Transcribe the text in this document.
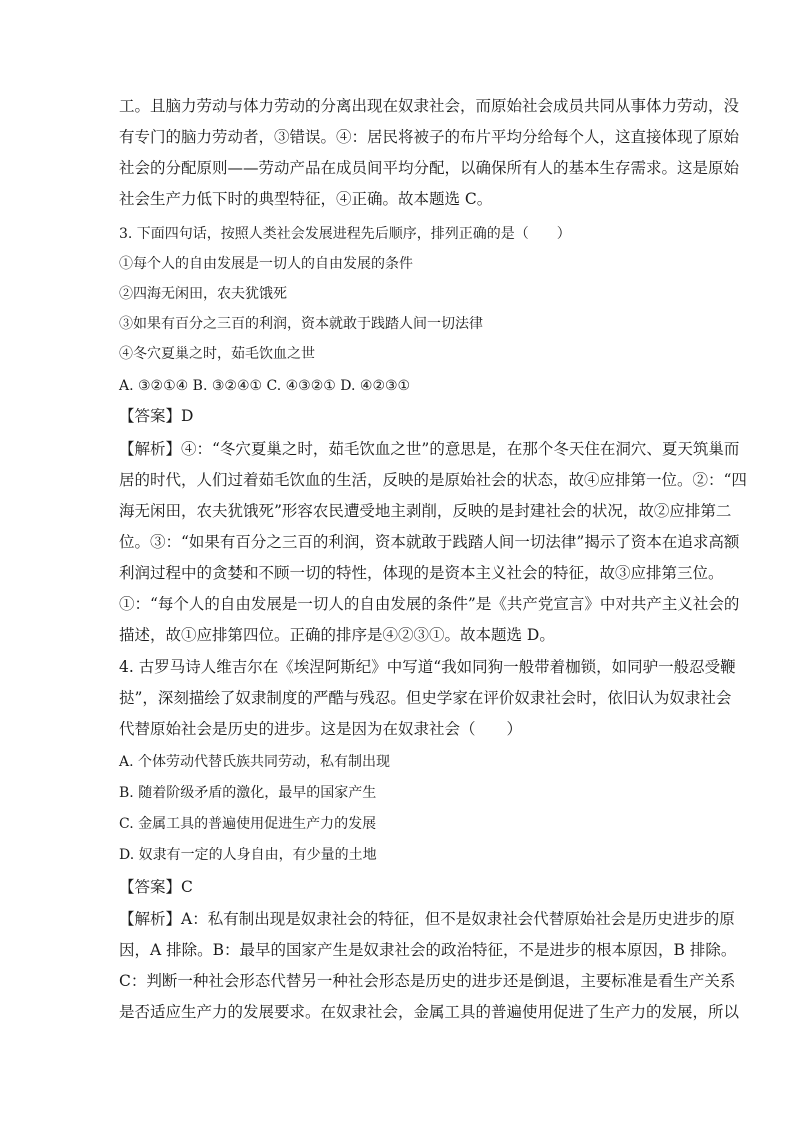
工。且脑力劳动与体力劳动的分离出现在奴隶社会，而原始社会成员共同从事体力劳动，没
有专门的脑力劳动者，③错误。④：居民将被子的布片平均分给每个人，这直接体现了原始
社会的分配原则——劳动产品在成员间平均分配，以确保所有人的基本生存需求。这是原始
社会生产力低下时的典型特征，④正确。故本题选 C。
3. 下面四句话，按照人类社会发展进程先后顺序，排列正确的是（　　）
①每个人的自由发展是一切人的自由发展的条件
②四海无闲田，农夫犹饿死
③如果有百分之三百的利润，资本就敢于践踏人间一切法律
④冬穴夏巢之时，茹毛饮血之世
A. ③②①④ B. ③②④① C. ④③②① D. ④②③①
【答案】D
【解析】④：“冬穴夏巢之时，茹毛饮血之世”的意思是，在那个冬天住在洞穴、夏天筑巢而
居的时代，人们过着茹毛饮血的生活，反映的是原始社会的状态，故④应排第一位。②：“四
海无闲田，农夫犹饿死”形容农民遭受地主剥削，反映的是封建社会的状况，故②应排第二
位。③：“如果有百分之三百的利润，资本就敢于践踏人间一切法律”揭示了资本在追求高额
利润过程中的贪婪和不顾一切的特性，体现的是资本主义社会的特征，故③应排第三位。
①：“每个人的自由发展是一切人的自由发展的条件”是《共产党宣言》中对共产主义社会的
描述，故①应排第四位。正确的排序是④②③①。故本题选 D。
4. 古罗马诗人维吉尔在《埃涅阿斯纪》中写道“我如同狗一般带着枷锁，如同驴一般忍受鞭
挞”，深刻描绘了奴隶制度的严酷与残忍。但史学家在评价奴隶社会时，依旧认为奴隶社会
代替原始社会是历史的进步。这是因为在奴隶社会（　　）
A. 个体劳动代替氏族共同劳动，私有制出现
B. 随着阶级矛盾的激化，最早的国家产生
C. 金属工具的普遍使用促进生产力的发展
D. 奴隶有一定的人身自由，有少量的土地
【答案】C
【解析】A：私有制出现是奴隶社会的特征，但不是奴隶社会代替原始社会是历史进步的原
因，A 排除。B：最早的国家产生是奴隶社会的政治特征，不是进步的根本原因，B 排除。
C：判断一种社会形态代替另一种社会形态是历史的进步还是倒退，主要标准是看生产关系
是否适应生产力的发展要求。在奴隶社会，金属工具的普遍使用促进了生产力的发展，所以
